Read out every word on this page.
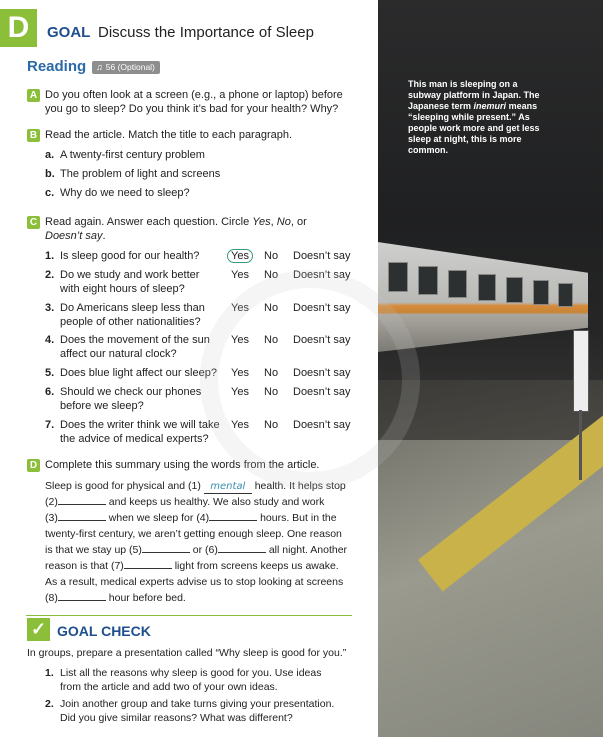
D	GOAL Discuss the Importance of Sleep
Reading	♫ 56 (Optional)
A Do you often look at a screen (e.g., a phone or laptop) before
you go to sleep? Do you think it’s bad for your health? Why?
B Read the article. Match the title to each paragraph.
a. A twenty-first century problem
b. The problem of light and screens
c. Why do we need to sleep?
C Read again. Answer each question. Circle Yes, No, or
Doesn’t say.
1. Is sleep good for our health?	Yes	No Doesn’t say
2. Do we study and work better
with eight hours of sleep?
Yes No Doesn’t say
3. Do Americans sleep less than
people of other nationalities?
Yes No Doesn’t say
4. Does the movement of the sun
affect our natural clock?
Yes No Doesn’t say
5. Does blue light affect our sleep? Yes No Doesn’t say
6. Should we check our phones
before we sleep?
Yes No Doesn’t say
7. Does the writer think we will take
the advice of medical experts?
Yes No Doesn’t say
D Complete this summary using the words from the article.
Sleep is good for physical and (1) mental health. It helps stop
(2)	and keeps us healthy. We also study and work
(3)	when we sleep for (4)	hours. But in the
twenty-first century, we aren’t getting enough sleep. One reason
is that we stay up (5)	or (6)	all night. Another
reason is that (7)	light from screens keeps us awake.
As a result, medical experts advise us to stop looking at screens
(8)	hour before bed.
✓ GOAL CHECK
In groups, prepare a presentation called “Why sleep is good for you.”
1. List all the reasons why sleep is good for you. Use ideas
from the article and add two of your own ideas.
2. Join another group and take turns giving your presentation.
Did you give similar reasons? What was different?
This man is sleeping on a
subway platform in Japan. The
Japanese term inemuri means
“sleeping while present.” As
people work more and get less
sleep at night, this is more
common.
